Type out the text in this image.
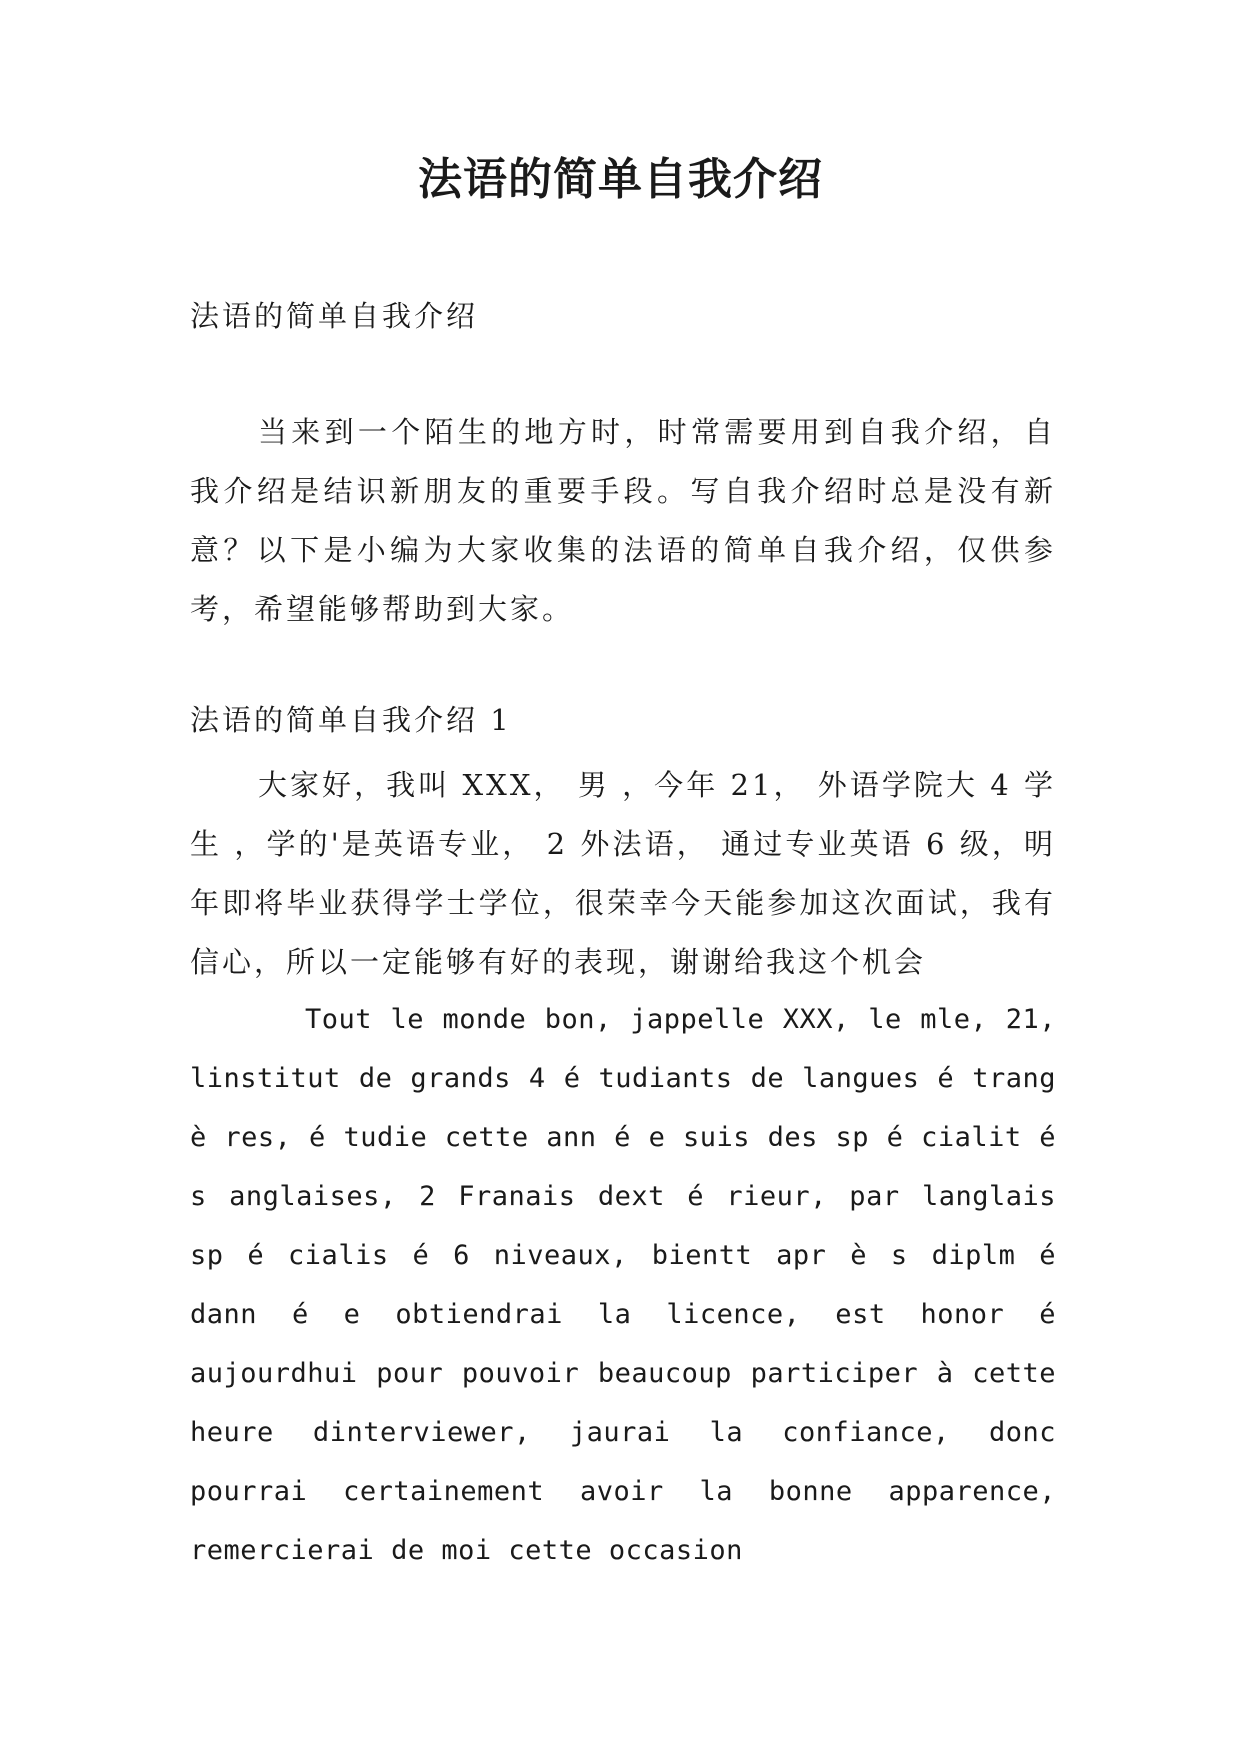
法语的简单自我介绍
法语的简单自我介绍

当来到一个陌生的地方时，时常需要用到自我介绍，自我介绍是结识新朋友的重要手段。写自我介绍时总是没有新意？以下是小编为大家收集的法语的简单自我介绍，仅供参考，希望能够帮助到大家。

法语的简单自我介绍 1

大家好，我叫 XXX， 男 ，今年 21， 外语学院大 4 学生 ，学的'是英语专业， 2 外法语， 通过专业英语 6 级，明年即将毕业获得学士学位，很荣幸今天能参加这次面试，我有信心，所以一定能够有好的表现，谢谢给我这个机会

Tout le monde bon, jappelle XXX, le mle, 21, linstitut de grands 4 é tudiants de langues é trang è res, é tudie cette ann é e suis des sp é cialit é s anglaises, 2 Franais dext é rieur, par langlais sp é cialis é 6 niveaux, bientt apr è s diplm é dann é e obtiendrai la licence, est honor é aujourdhui pour pouvoir beaucoup participer à cette heure dinterviewer, jaurai la confiance, donc pourrai certainement avoir la bonne apparence, remercierai de moi cette occasion
